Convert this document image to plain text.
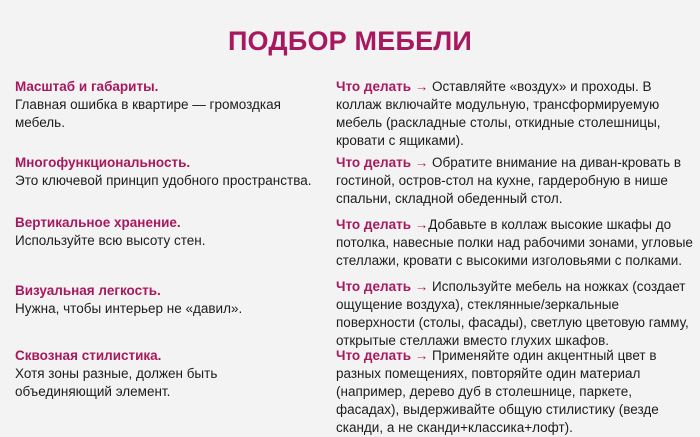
ПОДБОР МЕБЕЛИ
Масштаб и габариты.
Главная ошибка в квартире — громоздкая мебель.
Что делать → Оставляйте «воздух» и проходы. В коллаж включайте модульную, трансформируемую мебель (раскладные столы, откидные столешницы, кровати с ящиками).
Многофункциональность.
Это ключевой принцип удобного пространства.
Что делать → Обратите внимание на диван-кровать в гостиной, остров-стол на кухне, гардеробную в нише спальни, складной обеденный стол.
Вертикальное хранение.
Используйте всю высоту стен.
Что делать →Добавьте в коллаж высокие шкафы до потолка, навесные полки над рабочими зонами, угловые стеллажи, кровати с высокими изголовьями с полками.
Визуальная легкость.
Нужна, чтобы интерьер не «давил».
Что делать → Используйте мебель на ножках (создает ощущение воздуха), стеклянные/зеркальные поверхности (столы, фасады), светлую цветовую гамму, открытые стеллажи вместо глухих шкафов.
Сквозная стилистика.
Хотя зоны разные, должен быть объединяющий элемент.
Что делать → Применяйте один акцентный цвет в разных помещениях, повторяйте один материал (например, дерево дуб в столешнице, паркете, фасадах), выдерживайте общую стилистику (везде сканди, а не сканди+классика+лофт).
